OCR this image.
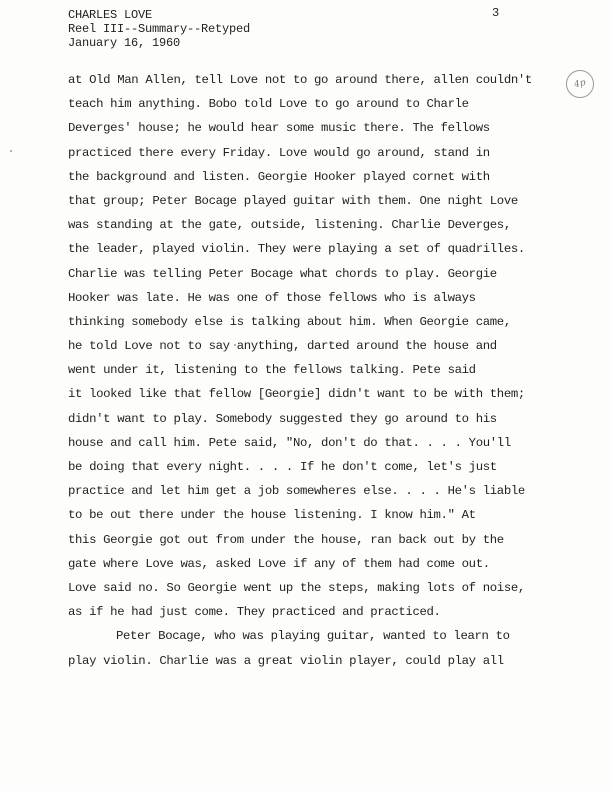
CHARLES LOVE
Reel III--Summary--Retyped
January 16, 1960
3
4p
at Old Man Allen, tell Love not to go around there, allen couldn't
teach him anything. Bobo told Love to go around to Charle
Deverges' house; he would hear some music there. The fellows
practiced there every Friday. Love would go around, stand in
the background and listen. Georgie Hooker played cornet with
that group; Peter Bocage played guitar with them. One night Love
was standing at the gate, outside, listening. Charlie Deverges,
the leader, played violin. They were playing a set of quadrilles.
Charlie was telling Peter Bocage what chords to play. Georgie
Hooker was late. He was one of those fellows who is always
thinking somebody else is talking about him. When Georgie came,
he told Love not to say anything, darted around the house and
went under it, listening to the fellows talking. Pete said
it looked like that fellow [Georgie] didn't want to be with them;
didn't want to play. Somebody suggested they go around to his
house and call him. Pete said, "No, don't do that. . . . You'll
be doing that every night. . . . If he don't come, let's just
practice and let him get a job somewheres else. . . . He's liable
to be out there under the house listening. I know him." At
this Georgie got out from under the house, ran back out by the
gate where Love was, asked Love if any of them had come out.
Love said no. So Georgie went up the steps, making lots of noise,
as if he had just come. They practiced and practiced.
Peter Bocage, who was playing guitar, wanted to learn to
play violin. Charlie was a great violin player, could play all
